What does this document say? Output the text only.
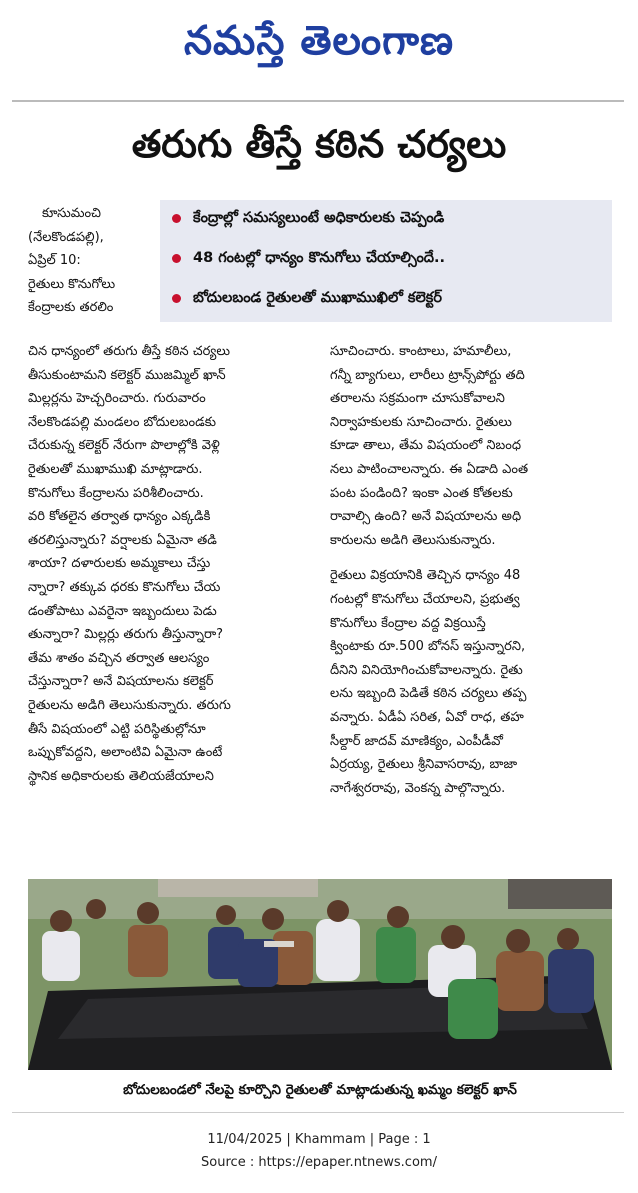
నమస్తే తెలంగాణ
తరుగు తీస్తే కఠిన చర్యలు
కేంద్రాల్లో సమస్యలుంటే అధికారులకు చెప్పండి
48 గంటల్లో ధాన్యం కొనుగోలు చేయాల్సిందే..
బోదులబండ రైతులతో ముఖాముఖిలో కలెక్టర్

కూసుమంచి

(నేలకొండపల్లి),

ఏప్రిల్ 10:

రైతులు కొనుగోలు

కేంద్రాలకు తరలిం

చిన ధాన్యంలో తరుగు తీస్తే కఠిన చర్యలు

తీసుకుంటామని కలెక్టర్ ముజమ్మిల్ ఖాన్

మిల్లర్లను హెచ్చరించారు. గురువారం

నేలకొండపల్లి మండలం బోదులబండకు

చేరుకున్న కలెక్టర్ నేరుగా పొలాల్లోకి వెళ్లి

రైతులతో ముఖాముఖి మాట్లాడారు.

కొనుగోలు కేంద్రాలను పరిశీలించారు.

వరి కోతలైన తర్వాత ధాన్యం ఎక్కడికి

తరలిస్తున్నారు? వర్షాలకు ఏమైనా తడి

శాయా? దళారులకు అమ్మకాలు చేస్తు

న్నారా? తక్కువ ధరకు కొనుగోలు చేయ

డంతోపాటు ఎవరైనా ఇబ్బందులు పెడు

తున్నారా? మిల్లర్లు తరుగు తీస్తున్నారా?

తేమ శాతం వచ్చిన తర్వాత ఆలస్యం

చేస్తున్నారా? అనే విషయాలను కలెక్టర్

రైతులను అడిగి తెలుసుకున్నారు. తరుగు

తీసే విషయంలో ఎట్టి పరిస్థితుల్లోనూ

ఒప్పుకోవద్దని, అలాంటివి ఏమైనా ఉంటే

స్థానిక అధికారులకు తెలియజేయాలని

సూచించారు. కాంటాలు, హమాలీలు,

గన్నీ బ్యాగులు, లారీలు ట్రాన్స్‌పోర్టు తది

తరాలను సక్రమంగా చూసుకోవాలని

నిర్వాహకులకు సూచించారు. రైతులు

కూడా తాలు, తేమ విషయంలో నిబంధ

నలు పాటించాలన్నారు. ఈ ఏడాది ఎంత

పంట పండింది? ఇంకా ఎంత కోతలకు

రావాల్సి ఉంది? అనే విషయాలను అధి

కారులను అడిగి తెలుసుకున్నారు.

రైతులు విక్రయానికి తెచ్చిన ధాన్యం 48

గంటల్లో కొనుగోలు చేయాలని, ప్రభుత్వ

కొనుగోలు కేంద్రాల వద్ద విక్రయిస్తే

క్వింటాకు రూ.500 బోనస్ ఇస్తున్నారని,

దీనిని వినియోగించుకోవాలన్నారు. రైతు

లను ఇబ్బంది పెడితే కఠిన చర్యలు తప్ప

వన్నారు. ఏడీఏ సరిత, ఏవో రాధ, తహ

సీల్దార్ జాదవ్ మాణిక్యం, ఎంపీడీవో

ఏర్రయ్య, రైతులు శ్రీనివాసరావు, బాజా

నాగేశ్వరరావు, వెంకన్న పాల్గొన్నారు.

బోదులబండలో నేలపై కూర్చొని రైతులతో మాట్లాడుతున్న ఖమ్మం కలెక్టర్ ఖాన్
11/04/2025 | Khammam | Page : 1
Source : https://epaper.ntnews.com/
